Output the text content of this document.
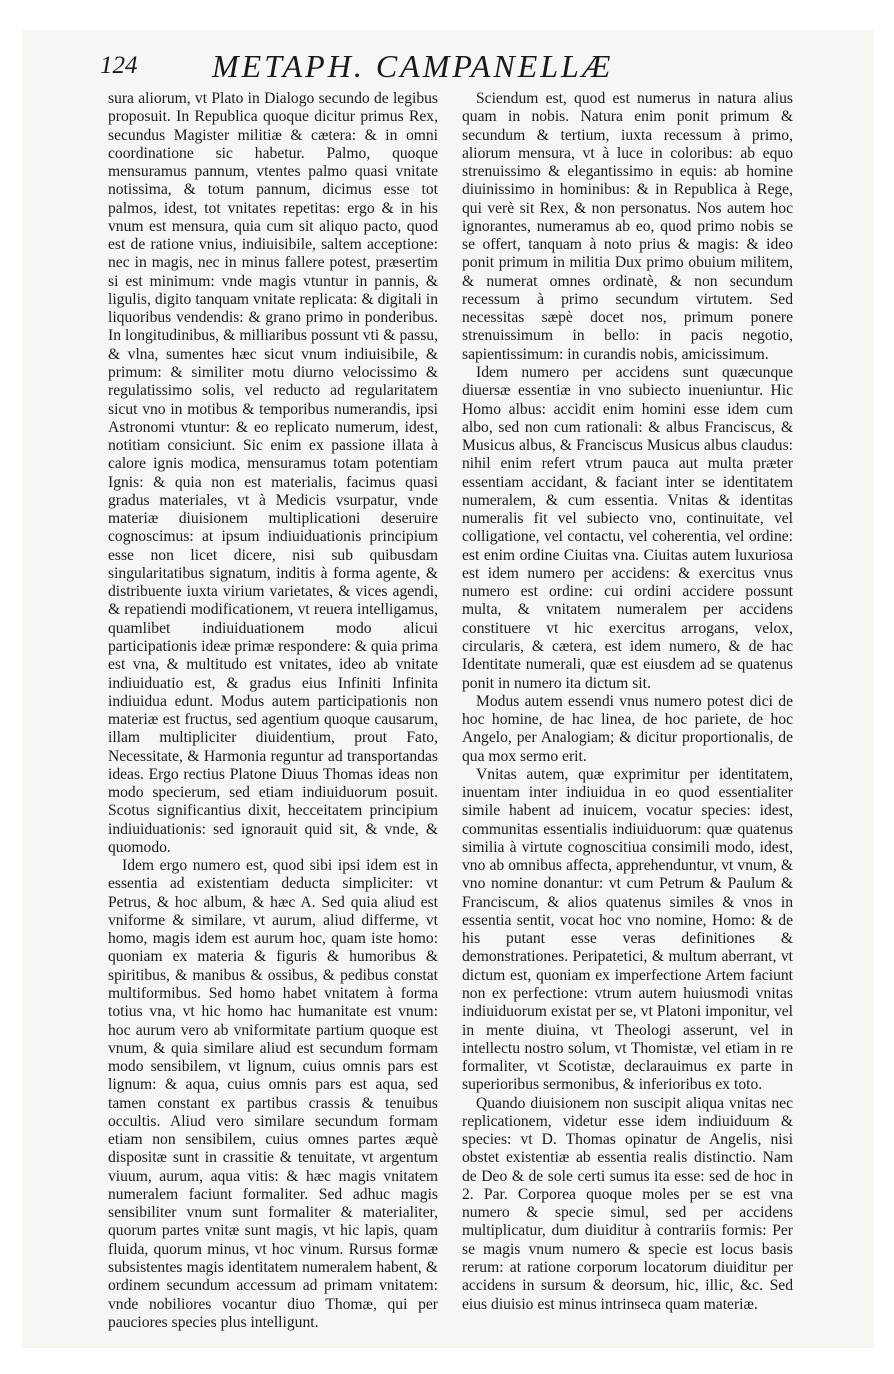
124 METAPH. CAMPANELLÆ

sura aliorum, vt Plato in Dialogo secundo de legibus proposuit. In Republica quoque dicitur primus Rex, secundus Magister militiæ & cætera: & in omni coordinatione sic habetur. Palmo, quoque mensuramus pannum, vtentes palmo quasi vnitate notissima, & totum pannum, dicimus esse tot palmos, idest, tot vnitates repetitas: ergo & in his vnum est mensura, quia cum sit aliquo pacto, quod est de ratione vnius, indiuisibile, saltem acceptione: nec in magis, nec in minus fallere potest, præsertim si est minimum: vnde magis vtuntur in pannis, & ligulis, digito tanquam vnitate replicata: & digitali in liquoribus vendendis: & grano primo in ponderibus. In longitudinibus, & milliaribus possunt vti & passu, & vlna, sumentes hæc sicut vnum indiuisibile, & primum: & similiter motu diurno velocissimo & regulatissimo solis, vel reducto ad regularitatem sicut vno in motibus & temporibus numerandis, ipsi Astronomi vtuntur: & eo replicato numerum, idest, notitiam consiciunt. Sic enim ex passione illata à calore ignis modica, mensuramus totam potentiam Ignis: & quia non est materialis, facimus quasi gradus materiales, vt à Medicis vsurpatur, vnde materiæ diuisionem multiplicationi deseruire cognoscimus: at ipsum indiuiduationis principium esse non licet dicere, nisi sub quibusdam singularitatibus signatum, inditis à forma agente, & distribuente iuxta virium varietates, & vices agendi, & repatiendi modificationem, vt reuera intelligamus, quamlibet indiuiduationem modo alicui participationis ideæ primæ respondere: & quia prima est vna, & multitudo est vnitates, ideo ab vnitate indiuiduatio est, & gradus eius Infiniti Infinita indiuidua edunt. Modus autem participationis non materiæ est fructus, sed agentium quoque causarum, illam multipliciter diuidentium, prout Fato, Necessitate, & Harmonia reguntur ad transportandas ideas. Ergo rectius Platone Diuus Thomas ideas non modo specierum, sed etiam indiuiduorum posuit. Scotus significantius dixit, hecceitatem principium indiuiduationis: sed ignorauit quid sit, & vnde, & quomodo.

Idem ergo numero est, quod sibi ipsi idem est in essentia ad existentiam deducta simpliciter: vt Petrus, & hoc album, & hæc A. Sed quia aliud est vniforme & similare, vt aurum, aliud differme, vt homo, magis idem est aurum hoc, quam iste homo: quoniam ex materia & figuris & humoribus & spiritibus, & manibus & ossibus, & pedibus constat multiformibus. Sed homo habet vnitatem à forma totius vna, vt hic homo hac humanitate est vnum: hoc aurum vero ab vniformitate partium quoque est vnum, & quia similare aliud est secundum formam modo sensibilem, vt lignum, cuius omnis pars est lignum: & aqua, cuius omnis pars est aqua, sed tamen constant ex partibus crassis & tenuibus occultis. Aliud vero similare secundum formam etiam non sensibilem, cuius omnes partes æquè dispositæ sunt in crassitie & tenuitate, vt argentum viuum, aurum, aqua vitis: & hæc magis vnitatem numeralem faciunt formaliter. Sed adhuc magis sensibiliter vnum sunt formaliter & materialiter, quorum partes vnitæ sunt magis, vt hic lapis, quam fluida, quorum minus, vt hoc vinum. Rursus formæ subsistentes magis identitatem numeralem habent, & ordinem secundum accessum ad primam vnitatem: vnde nobiliores vocantur diuo Thomæ, qui per pauciores species plus intelligunt.

Sciendum est, quod est numerus in natura alius quam in nobis. Natura enim ponit primum & secundum & tertium, iuxta recessum à primo, aliorum mensura, vt à luce in coloribus: ab equo strenuissimo & elegantissimo in equis: ab homine diuinissimo in hominibus: & in Republica à Rege, qui verè sit Rex, & non personatus. Nos autem hoc ignorantes, numeramus ab eo, quod primo nobis se se offert, tanquam à noto prius & magis: & ideo ponit primum in militia Dux primo obuium militem, & numerat omnes ordinatè, & non secundum recessum à primo secundum virtutem. Sed necessitas sæpè docet nos, primum ponere strenuissimum in bello: in pacis negotio, sapientissimum: in curandis nobis, amicissimum.

Idem numero per accidens sunt quæcunque diuersæ essentiæ in vno subiecto inueniuntur. Hic Homo albus: accidit enim homini esse idem cum albo, sed non cum rationali: & albus Franciscus, & Musicus albus, & Franciscus Musicus albus claudus: nihil enim refert vtrum pauca aut multa præter essentiam accidant, & faciant inter se identitatem numeralem, & cum essentia. Vnitas & identitas numeralis fit vel subiecto vno, continuitate, vel colligatione, vel contactu, vel coherentia, vel ordine: est enim ordine Ciuitas vna. Ciuitas autem luxuriosa est idem numero per accidens: & exercitus vnus numero est ordine: cui ordini accidere possunt multa, & vnitatem numeralem per accidens constituere vt hic exercitus arrogans, velox, circularis, & cætera, est idem numero, & de hac Identitate numerali, quæ est eiusdem ad se quatenus ponit in numero ita dictum sit.

Modus autem essendi vnus numero potest dici de hoc homine, de hac linea, de hoc pariete, de hoc Angelo, per Analogiam; & dicitur proportionalis, de qua mox sermo erit.

Vnitas autem, quæ exprimitur per identitatem, inuentam inter indiuidua in eo quod essentialiter simile habent ad inuicem, vocatur species: idest, communitas essentialis indiuiduorum: quæ quatenus similia à virtute cognoscitiua consimili modo, idest, vno ab omnibus affecta, apprehenduntur, vt vnum, & vno nomine donantur: vt cum Petrum & Paulum & Franciscum, & alios quatenus similes & vnos in essentia sentit, vocat hoc vno nomine, Homo: & de his putant esse veras definitiones & demonstrationes. Peripatetici, & multum aberrant, vt dictum est, quoniam ex imperfectione Artem faciunt non ex perfectione: vtrum autem huiusmodi vnitas indiuiduorum existat per se, vt Platoni imponitur, vel in mente diuina, vt Theologi asserunt, vel in intellectu nostro solum, vt Thomistæ, vel etiam in re formaliter, vt Scotistæ, declarauimus ex parte in superioribus sermonibus, & inferioribus ex toto.

Quando diuisionem non suscipit aliqua vnitas nec replicationem, videtur esse idem indiuiduum & species: vt D. Thomas opinatur de Angelis, nisi obstet existentiæ ab essentia realis distinctio. Nam de Deo & de sole certi sumus ita esse: sed de hoc in 2. Par. Corporea quoque moles per se est vna numero & specie simul, sed per accidens multiplicatur, dum diuiditur à contrariis formis: Per se magis vnum numero & specie est locus basis rerum: at ratione corporum locatorum diuiditur per accidens in sursum & deorsum, hic, illic, &c. Sed eius diuisio est minus intrinseca quam materiæ.
